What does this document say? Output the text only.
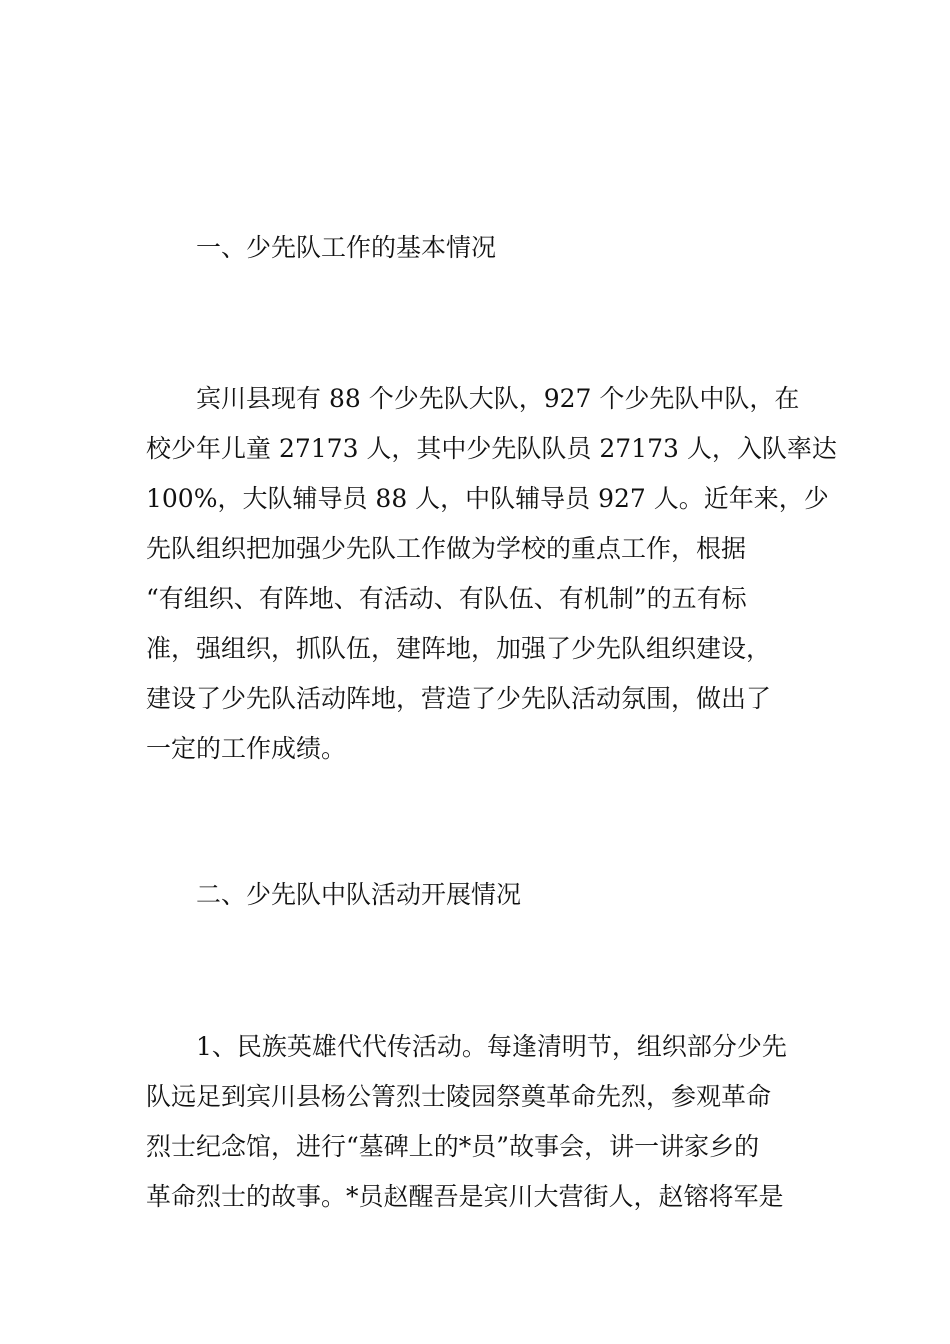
一、少先队工作的基本情况
宾川县现有 88 个少先队大队，927 个少先队中队，在
校少年儿童 27173 人，其中少先队队员 27173 人，入队率达
100%，大队辅导员 88 人，中队辅导员 927 人。近年来，少
先队组织把加强少先队工作做为学校的重点工作，根据
“有组织、有阵地、有活动、有队伍、有机制”的五有标
准，强组织，抓队伍，建阵地，加强了少先队组织建设，
建设了少先队活动阵地，营造了少先队活动氛围，做出了
一定的工作成绩。
二、少先队中队活动开展情况
1、民族英雄代代传活动。每逢清明节，组织部分少先
队远足到宾川县杨公箐烈士陵园祭奠革命先烈，参观革命
烈士纪念馆，进行“墓碑上的*员”故事会，讲一讲家乡的
革命烈士的故事。*员赵醒吾是宾川大营街人，赵镕将军是
